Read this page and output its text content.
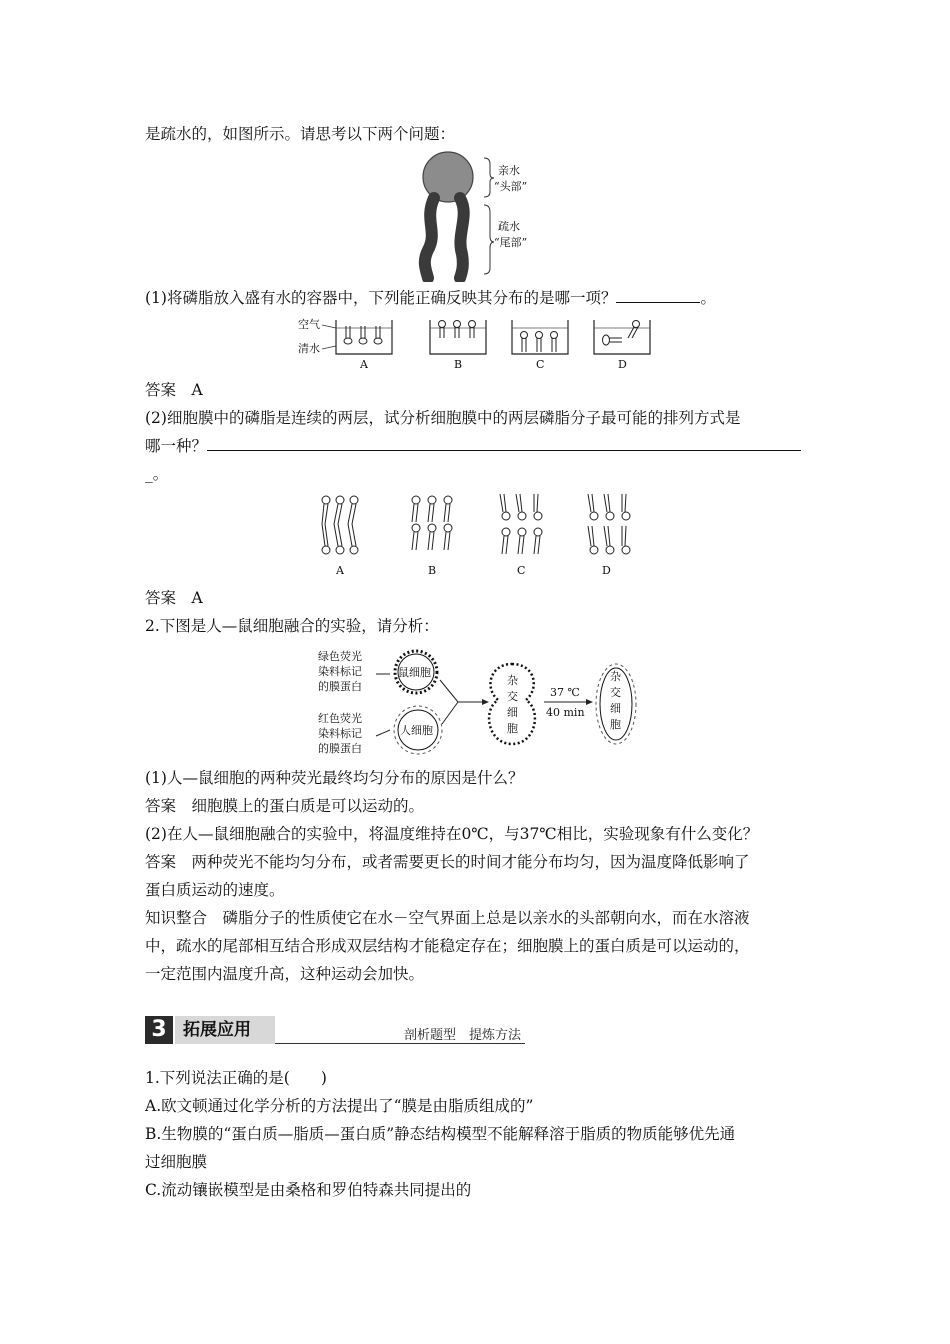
是疏水的，如图所示。请思考以下两个问题：
亲水
“头部”
疏水
“尾部”
(1)将磷脂放入盛有水的容器中，下列能正确反映其分布的是哪一项？	。
空气
清水
A	B	C	D
答案　A
(2)细胞膜中的磷脂是连续的两层，试分析细胞膜中的两层磷脂分子最可能的排列方式是
哪一种？
_。
A	B	C	D
答案　A
2.下图是人—鼠细胞融合的实验，请分析：
绿色荧光
染料标记
的膜蛋白
红色荧光
染料标记
的膜蛋白
鼠细胞
人细胞
杂
交
细
胞
37 ℃
40 min
杂
交
细
胞
(1)人—鼠细胞的两种荧光最终均匀分布的原因是什么？
答案　细胞膜上的蛋白质是可以运动的。
(2)在人—鼠细胞融合的实验中，将温度维持在0℃，与37℃相比，实验现象有什么变化？
答案　两种荧光不能均匀分布，或者需要更长的时间才能分布均匀，因为温度降低影响了
蛋白质运动的速度。
知识整合　磷脂分子的性质使它在水－空气界面上总是以亲水的头部朝向水，而在水溶液
中，疏水的尾部相互结合形成双层结构才能稳定存在；细胞膜上的蛋白质是可以运动的，
一定范围内温度升高，这种运动会加快。
3 拓展应用	剖析题型　提炼方法
1.下列说法正确的是(　　)
A.欧文顿通过化学分析的方法提出了“膜是由脂质组成的”
B.生物膜的“蛋白质—脂质—蛋白质”静态结构模型不能解释溶于脂质的物质能够优先通
过细胞膜
C.流动镶嵌模型是由桑格和罗伯特森共同提出的
